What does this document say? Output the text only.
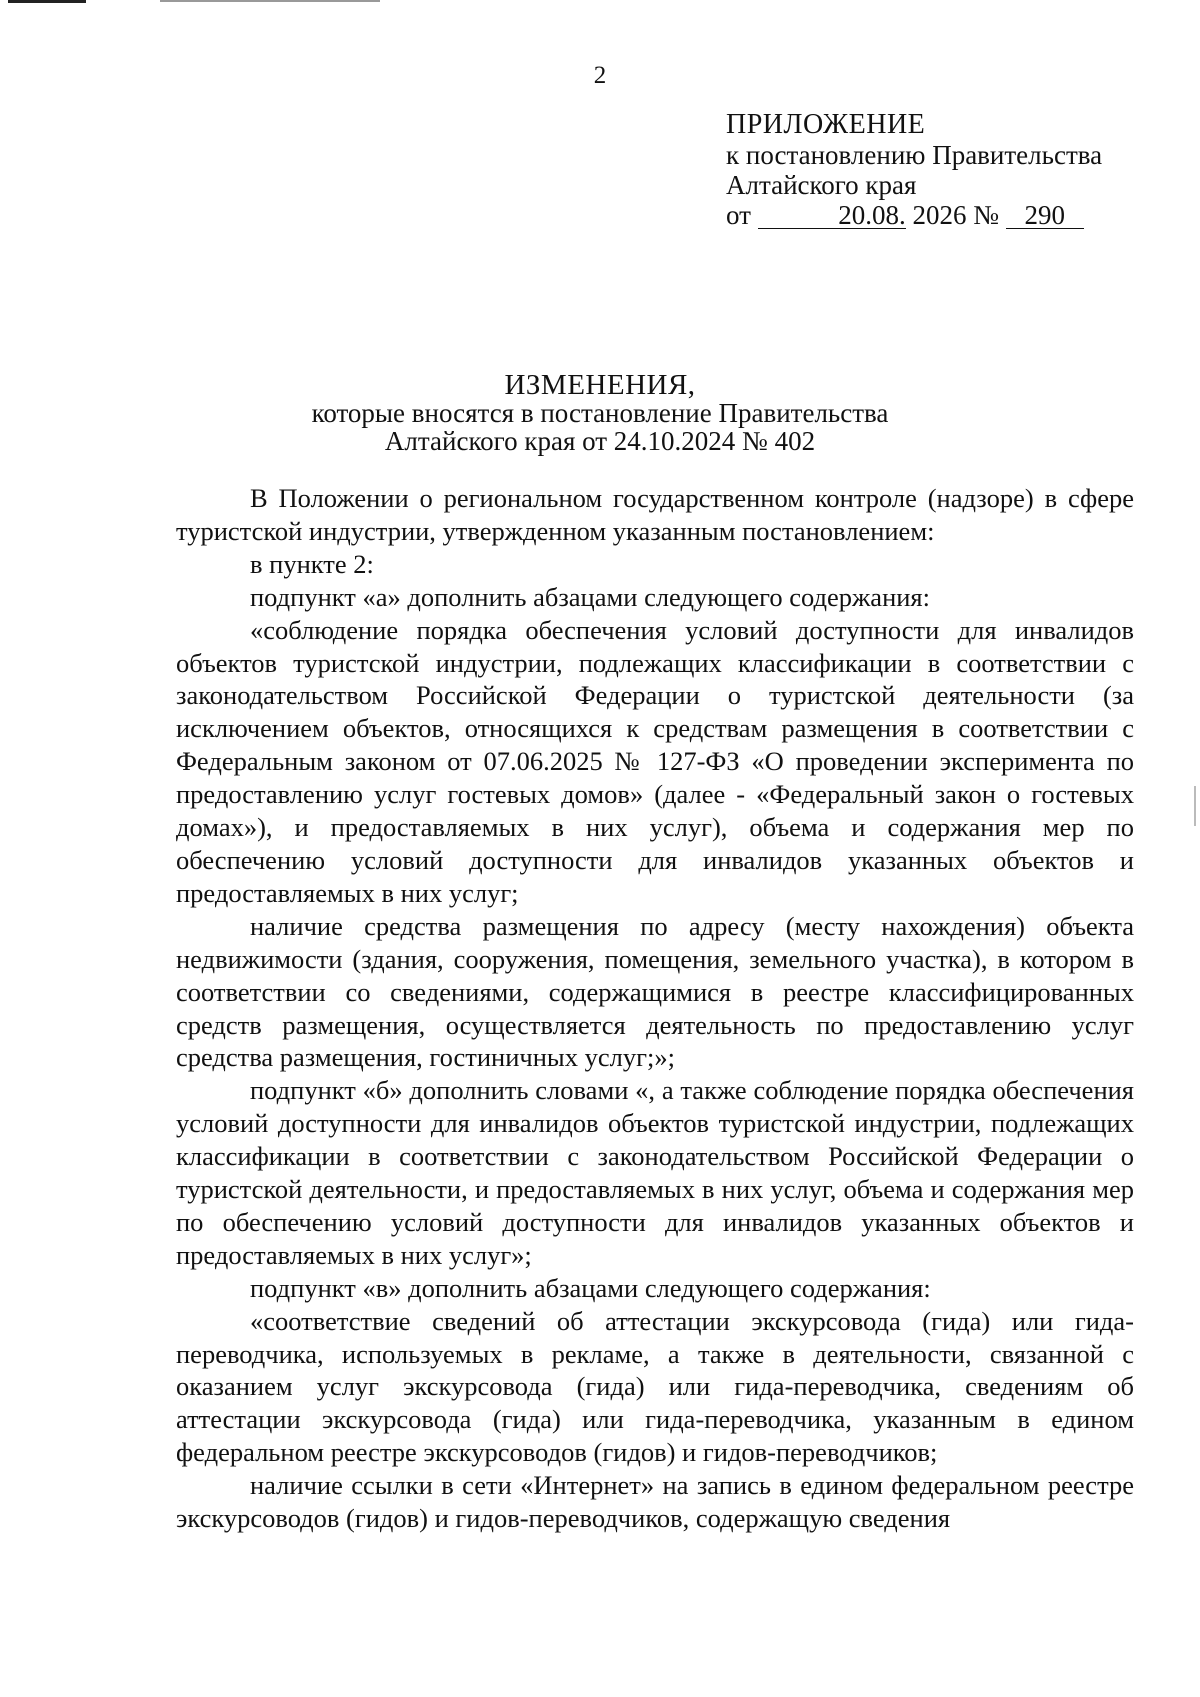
2
ПРИЛОЖЕНИЕ
к постановлению Правительства
Алтайского края
от	20.08. 2026 № 290
ИЗМЕНЕНИЯ,
которые вносятся в постановление Правительства
Алтайского края от 24.10.2024 № 402

В Положении о региональном государственном контроле (надзоре) в сфере туристской индустрии, утвержденном указанным постановлением:

в пункте 2:

подпункт «а» дополнить абзацами следующего содержания:

«соблюдение порядка обеспечения условий доступности для инвалидов объектов туристской индустрии, подлежащих классификации в соответствии с законодательством Российской Федерации о туристской деятельности (за исключением объектов, относящихся к средствам размещения в соответствии с Федеральным законом от 07.06.2025 № 127-ФЗ «О проведении эксперимента по предоставлению услуг гостевых домов» (далее - «Федеральный закон о гостевых домах»), и предоставляемых в них услуг), объема и содержания мер по обеспечению условий доступности для инвалидов указанных объектов и предоставляемых в них услуг;

наличие средства размещения по адресу (месту нахождения) объекта недвижимости (здания, сооружения, помещения, земельного участка), в котором в соответствии со сведениями, содержащимися в реестре классифицированных средств размещения, осуществляется деятельность по предоставлению услуг средства размещения, гостиничных услуг;»;

подпункт «б» дополнить словами «, а также соблюдение порядка обеспечения условий доступности для инвалидов объектов туристской индустрии, подлежащих классификации в соответствии с законодательством Российской Федерации о туристской деятельности, и предоставляемых в них услуг, объема и содержания мер по обеспечению условий доступности для инвалидов указанных объектов и предоставляемых в них услуг»;

подпункт «в» дополнить абзацами следующего содержания:

«соответствие сведений об аттестации экскурсовода (гида) или гида-переводчика, используемых в рекламе, а также в деятельности, связанной с оказанием услуг экскурсовода (гида) или гида-переводчика, сведениям об аттестации экскурсовода (гида) или гида-переводчика, указанным в едином федеральном реестре экскурсоводов (гидов) и гидов-переводчиков;

наличие ссылки в сети «Интернет» на запись в едином федеральном реестре экскурсоводов (гидов) и гидов-переводчиков, содержащую сведения
